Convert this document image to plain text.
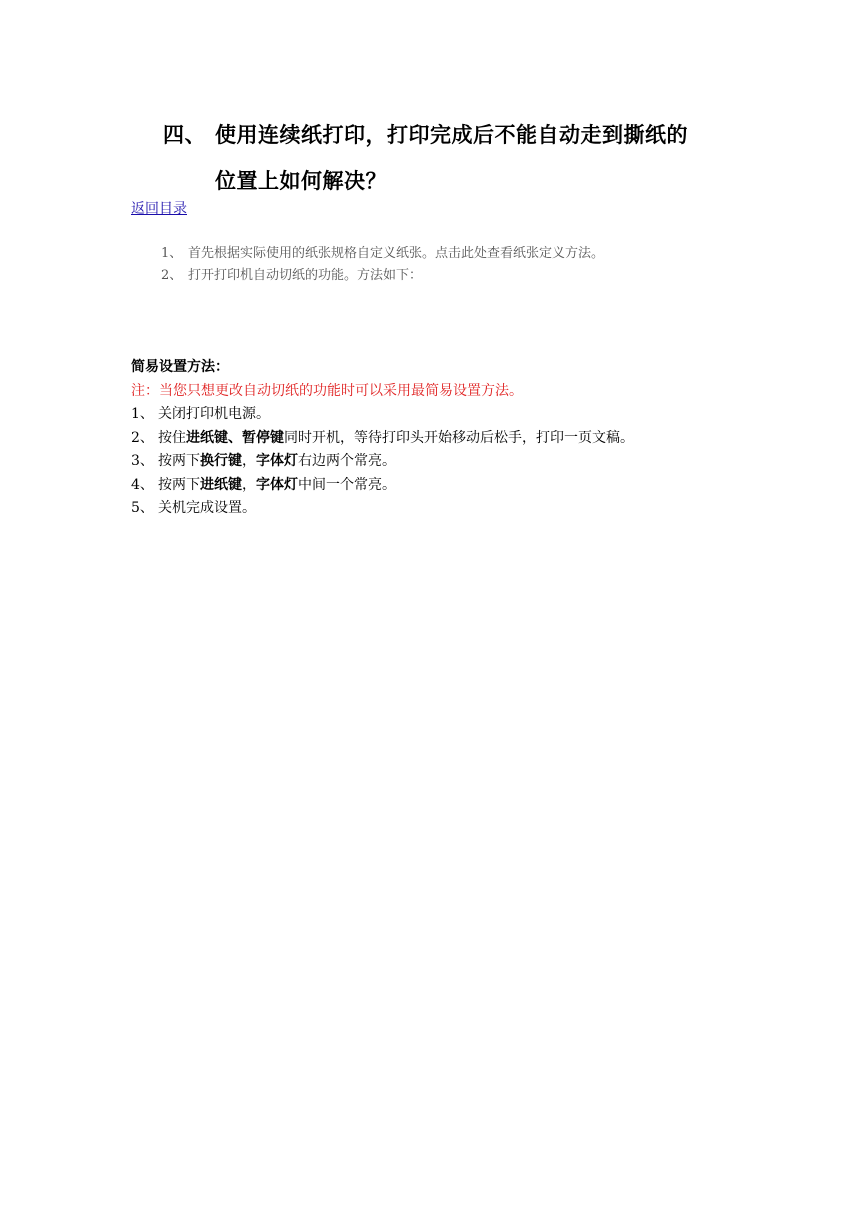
四、 使用连续纸打印，打印完成后不能自动走到撕纸的
位置上如何解决？
返回目录
1、 首先根据实际使用的纸张规格自定义纸张。点击此处查看纸张定义方法。
2、 打开打印机自动切纸的功能。方法如下：
简易设置方法：
注：当您只想更改自动切纸的功能时可以采用最简易设置方法。
1、 关闭打印机电源。
2、 按住进纸键、暂停键同时开机，等待打印头开始移动后松手，打印一页文稿。
3、 按两下换行键，字体灯右边两个常亮。
4、 按两下进纸键，字体灯中间一个常亮。
5、 关机完成设置。
